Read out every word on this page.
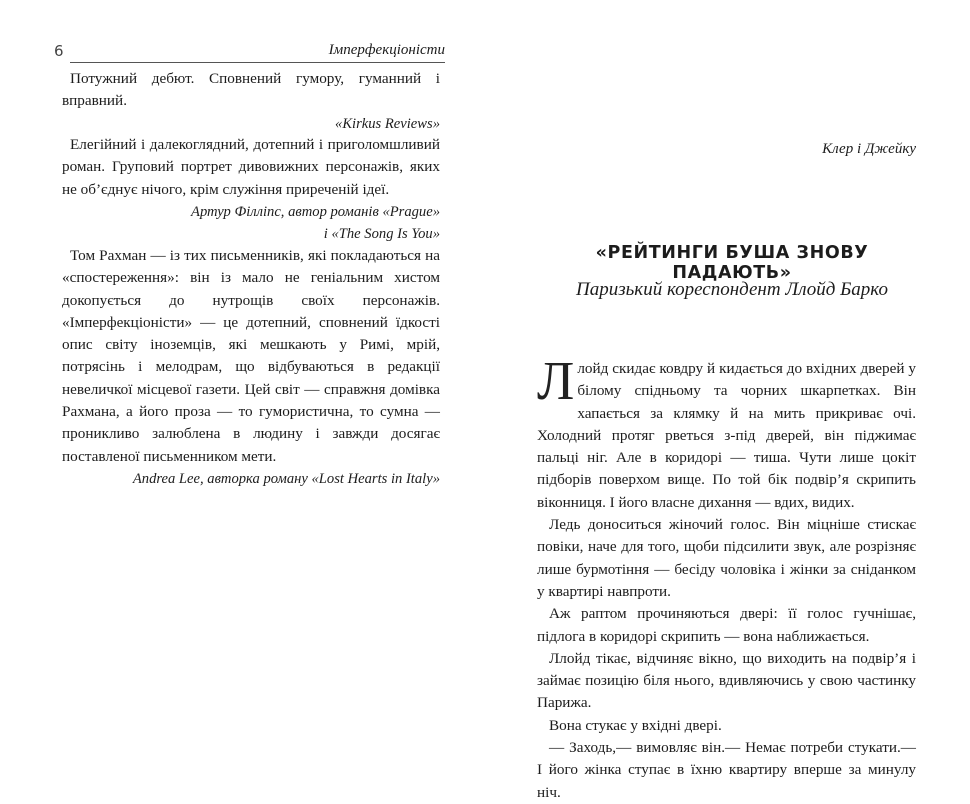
6	Імперфекціоністи

Потужний дебют. Сповнений гумору, гуманний і вправний.

«Kirkus Reviews»

Елегійний і далекоглядний, дотепний і приголомшливий роман. Груповий портрет дивовижних персонажів, яких не об’єднує нічого, крім служіння приреченій ідеї.

Артур Філліпс, автор романів «Prague»
і «The Song Is You»

Том Рахман — із тих письменників, які покладаються на «спостереження»: він із мало не геніальним хистом докопується до нутрощів своїх персонажів. «Імперфекціоністи» — це дотепний, сповнений їдкості опис світу іноземців, які мешкають у Римі, мрій, потрясінь і мелодрам, що відбуваються в редакції невеличкої місцевої газети. Цей світ — справжня домівка Рахмана, а його проза — то гумористична, то сумна — проникливо залюблена в людину і завжди досягає поставленої письменником мети.

Andrea Lee, авторка роману «Lost Hearts in Italy»
Клер і Джейку
«РЕЙТИНГИ БУША ЗНОВУ ПАДАЮТЬ»
Паризький кореспондент Ллойд Барко

Ллойд скидає ковдру й кидається до вхідних дверей у білому спідньому та чорних шкарпетках. Він хапається за клямку й на мить прикриває очі. Холодний протяг рветься з-під дверей, він піджимає пальці ніг. Але в коридорі — тиша. Чути лише цокіт підборів поверхом вище. По той бік подвір’я скрипить віконниця. І його власне дихання — вдих, видих.

Ледь доноситься жіночий голос. Він міцніше стискає повіки, наче для того, щоби підсилити звук, але розрізняє лише бурмотіння — бесіду чоловіка і жінки за сніданком у квартирі навпроти.

Аж раптом прочиняються двері: її голос гучнішає, підлога в коридорі скрипить — вона наближається.

Ллойд тікає, відчиняє вікно, що виходить на подвір’я і займає позицію біля нього, вдивляючись у свою частинку Парижа.

Вона стукає у вхідні двері.

— Заходь,— вимовляє він.— Немає потреби стукати.— І його жінка ступає в їхню квартиру вперше за минулу ніч.
